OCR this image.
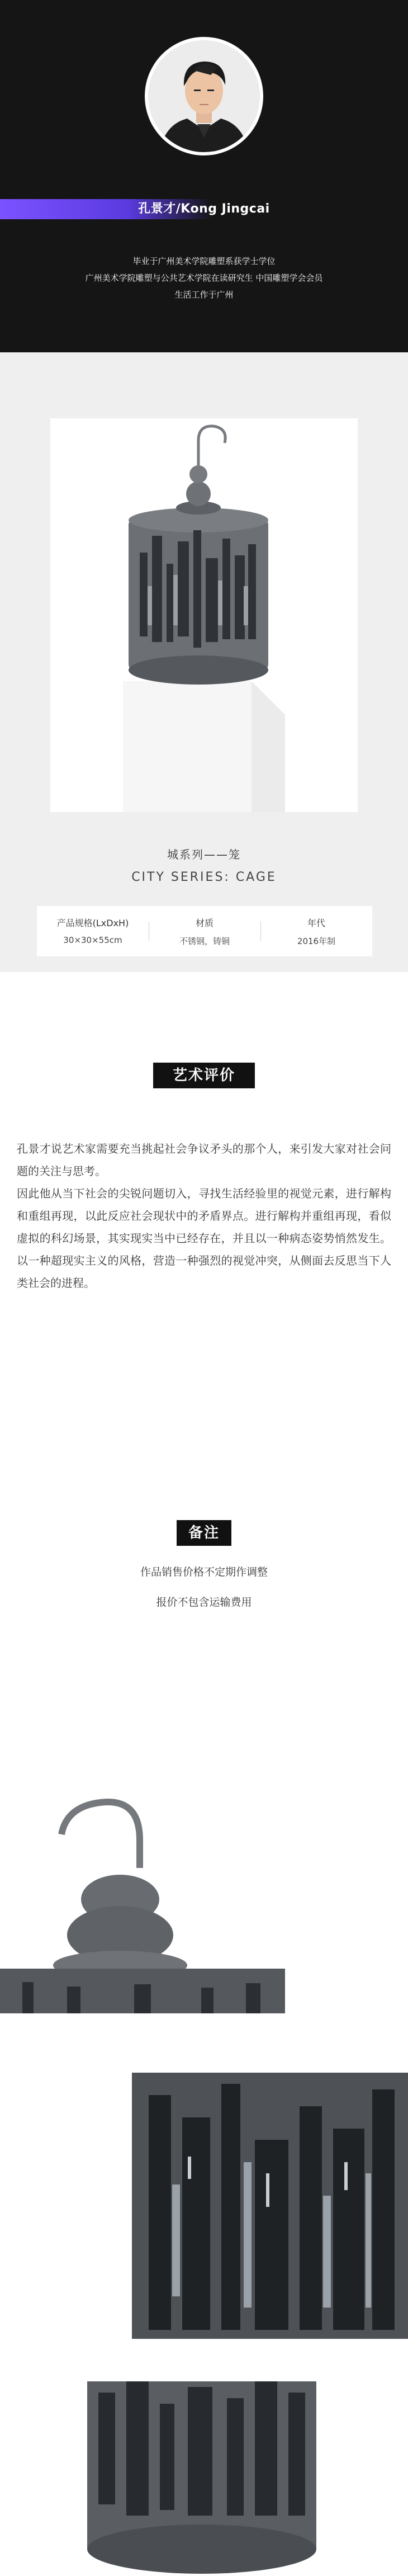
孔景才/Kong Jingcai
毕业于广州美术学院雕塑系获学士学位
广州美术学院雕塑与公共艺术学院在读研究生 中国雕塑学会会员
生活工作于广州
城系列——笼
CITY SERIES: CAGE
产品规格(LxDxH)
30×30×55cm
材质
不锈钢，铸铜
年代
2016年制
艺术评价
孔景才说艺术家需要充当挑起社会争议矛头的那个人，来引发大家对社会问题的关注与思考。
因此他从当下社会的尖锐问题切入，寻找生活经验里的视觉元素，进行解构和重组再现，以此反应社会现状中的矛盾界点。进行解构并重组再现，看似虚拟的科幻场景，其实现实当中已经存在，并且以一种病态姿势悄然发生。以一种超现实主义的风格，营造一种强烈的视觉冲突，从侧面去反思当下人类社会的进程。
备注
作品销售价格不定期作调整
报价不包含运输费用
